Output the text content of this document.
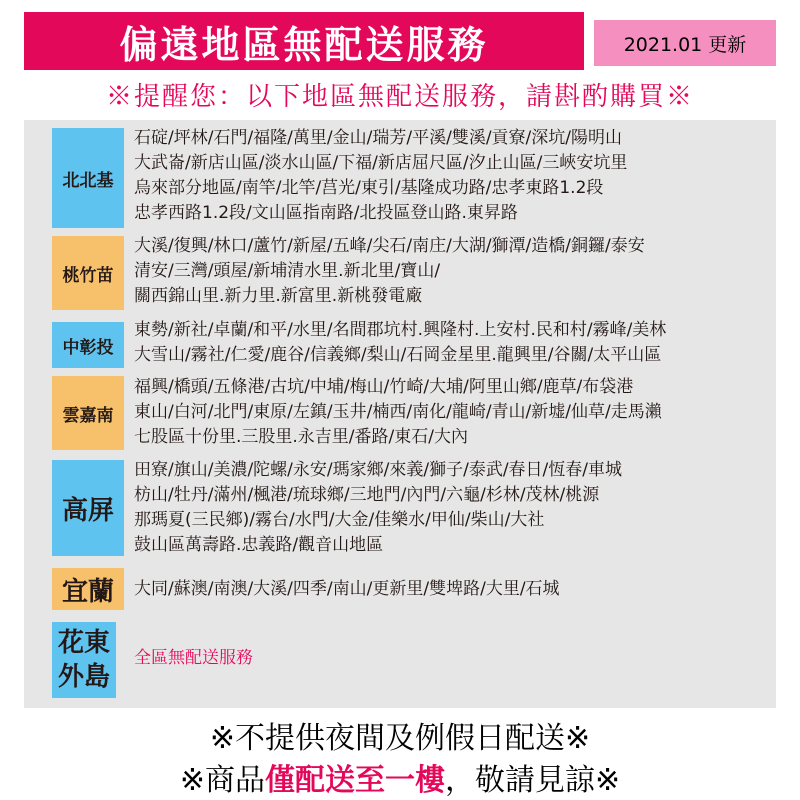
偏遠地區無配送服務	2021.01 更新
※提醒您：以下地區無配送服務，請斟酌購買※
北北基
石碇/坪林/石門/福隆/萬里/金山/瑞芳/平溪/雙溪/貢寮/深坑/陽明山
大武崙/新店山區/淡水山區/下福/新店屈尺區/汐止山區/三峽安坑里
烏來部分地區/南竿/北竿/莒光/東引/基隆成功路/忠孝東路1.2段
忠孝西路1.2段/文山區指南路/北投區登山路.東昇路
桃竹苗
大溪/復興/林口/蘆竹/新屋/五峰/尖石/南庄/大湖/獅潭/造橋/銅鑼/泰安
清安/三灣/頭屋/新埔清水里.新北里/寶山/
關西錦山里.新力里.新富里.新桃發電廠
中彰投
東勢/新社/卓蘭/和平/水里/名間郡坑村.興隆村.上安村.民和村/霧峰/美林
大雪山/霧社/仁愛/鹿谷/信義鄉/梨山/石岡金星里.龍興里/谷關/太平山區
雲嘉南
福興/橋頭/五條港/古坑/中埔/梅山/竹崎/大埔/阿里山鄉/鹿草/布袋港
東山/白河/北門/東原/左鎮/玉井/楠西/南化/龍崎/青山/新墟/仙草/走馬瀨
七股區十份里.三股里.永吉里/番路/東石/大內
高屏
田寮/旗山/美濃/陀螺/永安/瑪家鄉/來義/獅子/泰武/春日/恆春/車城
枋山/牡丹/滿州/楓港/琉球鄉/三地門/內門/六龜/杉林/茂林/桃源
那瑪夏(三民鄉)/霧台/水門/大金/佳樂水/甲仙/柴山/大社
鼓山區萬壽路.忠義路/觀音山地區
宜蘭	大同/蘇澳/南澳/大溪/四季/南山/更新里/雙埤路/大里/石城
花東
外島
全區無配送服務
※不提供夜間及例假日配送※
※商品僅配送至一樓，敬請見諒※
